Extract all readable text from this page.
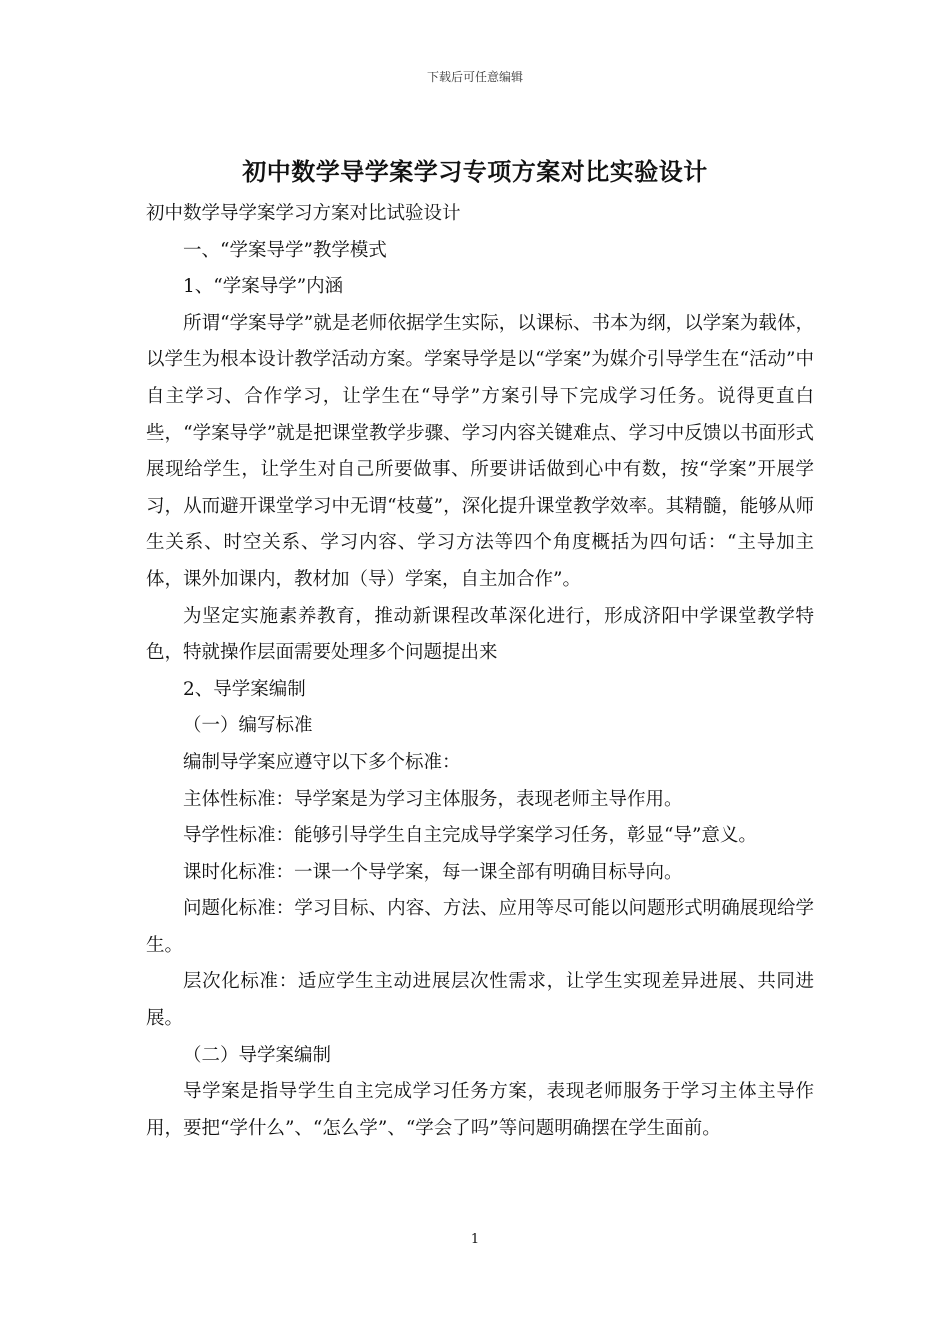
下载后可任意编辑
初中数学导学案学习专项方案对比实验设计

初中数学导学案学习方案对比试验设计

一、“学案导学”教学模式

1、“学案导学”内涵

所谓“学案导学”就是老师依据学生实际，以课标、书本为纲，以学案为载体，以学生为根本设计教学活动方案。学案导学是以“学案”为媒介引导学生在“活动”中自主学习、合作学习，让学生在“导学”方案引导下完成学习任务。说得更直白些，“学案导学”就是把课堂教学步骤、学习内容关键难点、学习中反馈以书面形式展现给学生，让学生对自己所要做事、所要讲话做到心中有数，按“学案”开展学习，从而避开课堂学习中无谓“枝蔓”，深化提升课堂教学效率。其精髓，能够从师生关系、时空关系、学习内容、学习方法等四个角度概括为四句话：“主导加主体，课外加课内，教材加（导）学案，自主加合作”。

为坚定实施素养教育，推动新课程改革深化进行，形成济阳中学课堂教学特色，特就操作层面需要处理多个问题提出来

2、导学案编制

（一）编写标准

编制导学案应遵守以下多个标准：

主体性标准：导学案是为学习主体服务，表现老师主导作用。

导学性标准：能够引导学生自主完成导学案学习任务，彰显“导”意义。

课时化标准：一课一个导学案，每一课全部有明确目标导向。

问题化标准：学习目标、内容、方法、应用等尽可能以问题形式明确展现给学生。

层次化标准：适应学生主动进展层次性需求，让学生实现差异进展、共同进展。

（二）导学案编制

导学案是指导学生自主完成学习任务方案，表现老师服务于学习主体主导作用，要把“学什么”、“怎么学”、“学会了吗”等问题明确摆在学生面前。

1
